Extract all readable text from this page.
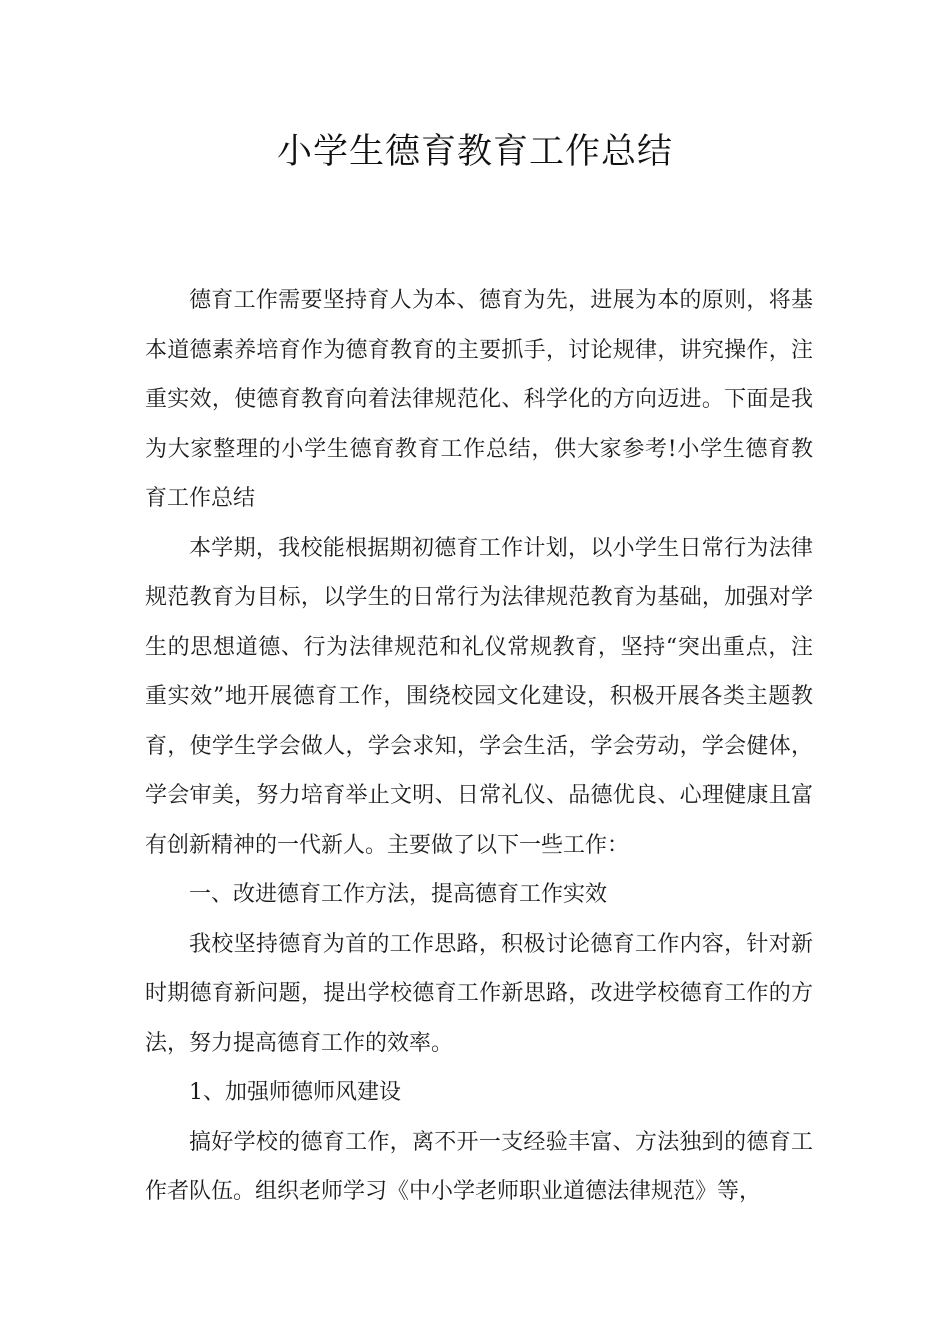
小学生德育教育工作总结

德育工作需要坚持育人为本、德育为先，进展为本的原则，将基本道德素养培育作为德育教育的主要抓手，讨论规律，讲究操作，注重实效，使德育教育向着法律规范化、科学化的方向迈进。下面是我为大家整理的小学生德育教育工作总结，供大家参考!小学生德育教育工作总结

本学期，我校能根据期初德育工作计划，以小学生日常行为法律规范教育为目标，以学生的日常行为法律规范教育为基础，加强对学生的思想道德、行为法律规范和礼仪常规教育，坚持“突出重点，注重实效”地开展德育工作，围绕校园文化建设，积极开展各类主题教育，使学生学会做人，学会求知，学会生活，学会劳动，学会健体，学会审美，努力培育举止文明、日常礼仪、品德优良、心理健康且富有创新精神的一代新人。主要做了以下一些工作：

一、改进德育工作方法，提高德育工作实效

我校坚持德育为首的工作思路，积极讨论德育工作内容，针对新时期德育新问题，提出学校德育工作新思路，改进学校德育工作的方法，努力提高德育工作的效率。

1、加强师德师风建设

搞好学校的德育工作，离不开一支经验丰富、方法独到的德育工作者队伍。组织老师学习《中小学老师职业道德法律规范》等，
